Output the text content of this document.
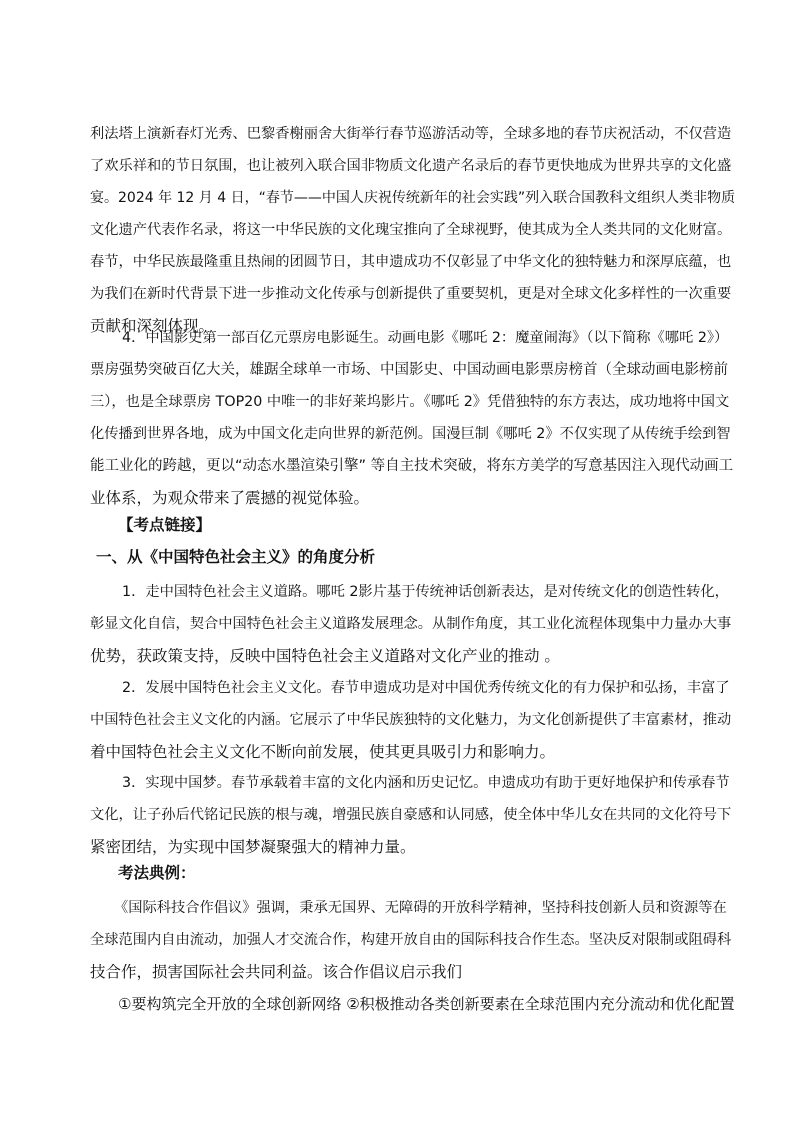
利法塔上演新春灯光秀、巴黎香榭丽舍大街举行春节巡游活动等，全球多地的春节庆祝活动，不仅营造
了欢乐祥和的节日氛围，也让被列入联合国非物质文化遗产名录后的春节更快地成为世界共享的文化盛
宴。2024 年 12 月 4 日，“春节——中国人庆祝传统新年的社会实践”列入联合国教科文组织人类非物质
文化遗产代表作名录，将这一中华民族的文化瑰宝推向了全球视野，使其成为全人类共同的文化财富。
春节，中华民族最隆重且热闹的团圆节日，其申遗成功不仅彰显了中华文化的独特魅力和深厚底蕴，也
为我们在新时代背景下进一步推动文化传承与创新提供了重要契机，更是对全球文化多样性的一次重要
贡献和深刻体现。
4．中国影史第一部百亿元票房电影诞生。动画电影《哪吒 2：魔童闹海》（以下简称《哪吒 2》）
票房强势突破百亿大关，雄踞全球单一市场、中国影史、中国动画电影票房榜首（全球动画电影榜前
三），也是全球票房 TOP20 中唯一的非好莱坞影片。《哪吒 2》凭借独特的东方表达，成功地将中国文
化传播到世界各地，成为中国文化走向世界的新范例。国漫巨制《哪吒 2》不仅实现了从传统手绘到智
能工业化的跨越，更以“动态水墨渲染引擎” 等自主技术突破，将东方美学的写意基因注入现代动画工
业体系，为观众带来了震撼的视觉体验。
【考点链接】
一、从《中国特色社会主义》的角度分析
1．走中国特色社会主义道路。哪吒 2影片基于传统神话创新表达，是对传统文化的创造性转化，
彰显文化自信，契合中国特色社会主义道路发展理念。从制作角度，其工业化流程体现集中力量办大事
优势，获政策支持，反映中国特色社会主义道路对文化产业的推动 。
2．发展中国特色社会主义文化。春节申遗成功是对中国优秀传统文化的有力保护和弘扬，丰富了
中国特色社会主义文化的内涵。它展示了中华民族独特的文化魅力，为文化创新提供了丰富素材，推动
着中国特色社会主义文化不断向前发展，使其更具吸引力和影响力。
3．实现中国梦。春节承载着丰富的文化内涵和历史记忆。申遗成功有助于更好地保护和传承春节
文化，让子孙后代铭记民族的根与魂，增强民族自豪感和认同感，使全体中华儿女在共同的文化符号下
紧密团结，为实现中国梦凝聚强大的精神力量。
考法典例：
《国际科技合作倡议》强调，秉承无国界、无障碍的开放科学精神，坚持科技创新人员和资源等在
全球范围内自由流动，加强人才交流合作，构建开放自由的国际科技合作生态。坚决反对限制或阻碍科
技合作，损害国际社会共同利益。该合作倡议启示我们
①要构筑完全开放的全球创新网络 ②积极推动各类创新要素在全球范围内充分流动和优化配置
